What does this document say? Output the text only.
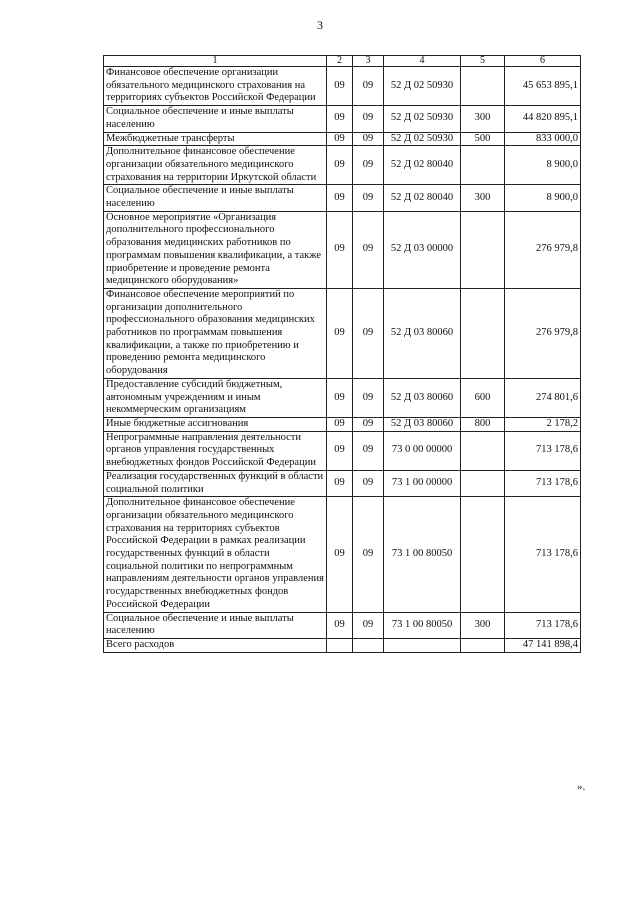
3
1	2	3	4	5	6
Финансовое обеспечение организации обязательного медицинского страхования на территориях субъектов Российской Федерации	09	09	52 Д 02 50930		45 653 895,1
Социальное обеспечение и иные выплаты населению	09	09	52 Д 02 50930	300	44 820 895,1
Межбюджетные трансферты	09	09	52 Д 02 50930	500	833 000,0
Дополнительное финансовое обеспечение организации обязательного медицинского страхования на территории Иркутской области	09	09	52 Д 02 80040		8 900,0
Социальное обеспечение и иные выплаты населению	09	09	52 Д 02 80040	300	8 900,0
Основное мероприятие «Организация дополнительного профессионального образования медицинских работников по программам повышения квалификации, а также приобретение и проведение ремонта медицинского оборудования»	09	09	52 Д 03 00000		276 979,8
Финансовое обеспечение мероприятий по организации дополнительного профессионального образования медицинских работников по программам повышения квалификации, а также по приобретению и проведению ремонта медицинского оборудования	09	09	52 Д 03 80060		276 979,8
Предоставление субсидий бюджетным, автономным учреждениям и иным некоммерческим организациям	09	09	52 Д 03 80060	600	274 801,6
Иные бюджетные ассигнования	09	09	52 Д 03 80060	800	2 178,2
Непрограммные направления деятельности органов управления государственных внебюджетных фондов Российской Федерации	09	09	73 0 00 00000		713 178,6
Реализация государственных функций в области социальной политики	09	09	73 1 00 00000		713 178,6
Дополнительное финансовое обеспечение организации обязательного медицинского страхования на территориях субъектов Российской Федерации в рамках реализации государственных функций в области социальной политики по непрограммным направлениям деятельности органов управления государственных внебюджетных фондов Российской Федерации	09	09	73 1 00 80050		713 178,6
Социальное обеспечение и иные выплаты населению	09	09	73 1 00 80050	300	713 178,6
Всего расходов					47 141 898,4
».
